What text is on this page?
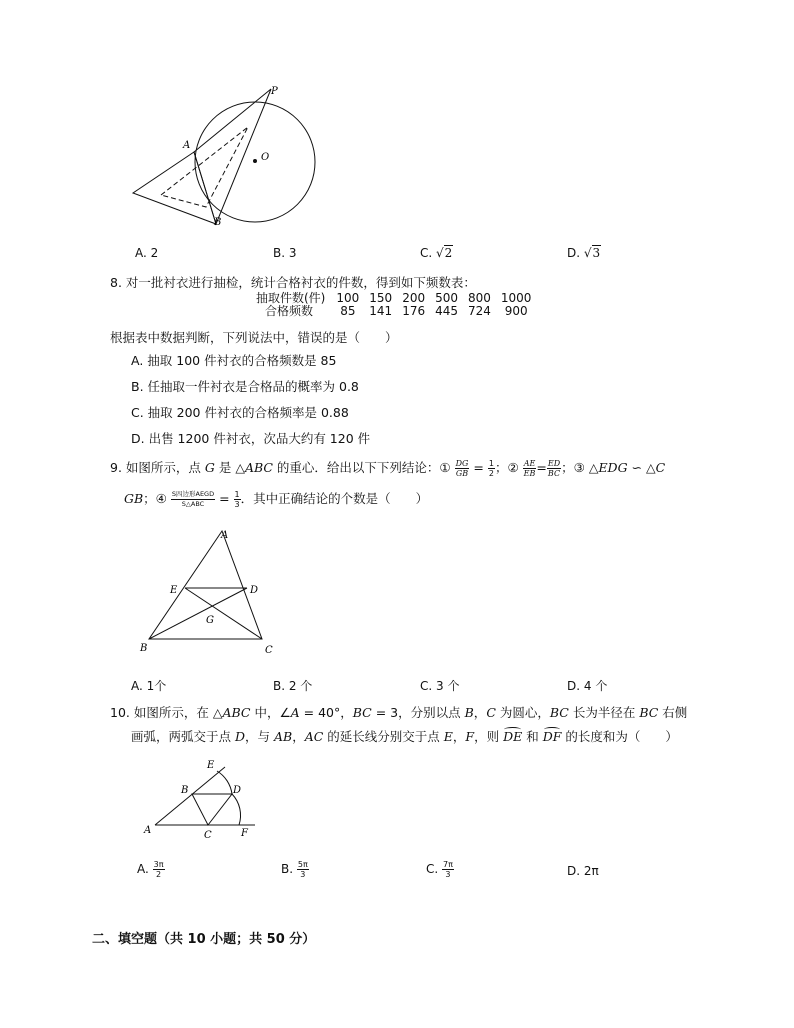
P
A
O
B
A. 2	B. 3	C. √2	D. √3
8. 对一批衬衣进行抽检，统计合格衬衣的件数，得到如下频数表：
抽取件数(件)	100	150	200	500	800	1000
合格频数	85	141	176	445	724	900
根据表中数据判断，下列说法中，错误的是（　　）
A. 抽取 100 件衬衣的合格频数是 85
B. 任抽取一件衬衣是合格品的概率为 0.8
C. 抽取 200 件衬衣的合格频率是 0.88
D. 出售 1200 件衬衣，次品大约有 120 件
9. 如图所示，点 G 是 △ABC 的重心．给出以下下列结论：① $\frac{DG}{GB} = \frac{1}{2}$ ；② $\frac{AE}{EB} = \frac{ED}{BC}$ ；③ △EDG ∽ △C
GB；④ $\frac{\text{S四边形AEGD}}{\text{S△ABC}} = \frac{1}{3}$ ．其中正确结论的个数是（　　）
A
E	D
G
B	C
A. 1个	B. 2 个	C. 3 个	D. 4 个
10. 如图所示，在 △ABC 中，∠A = 40°，BC = 3，分别以点 B，C 为圆心，BC 长为半径在 BC 右侧
画弧，两弧交于点 D，与 AB，AC 的延长线分别交于点 E，F，则 DE 和 DF 的长度和为（　　）
E
B	D
A	C	F
A. $\frac{3\pi}{2}$	B. $\frac{5\pi}{3}$	C. $\frac{7\pi}{3}$	D. 2π
二、填空题（共 10 小题；共 50 分）
